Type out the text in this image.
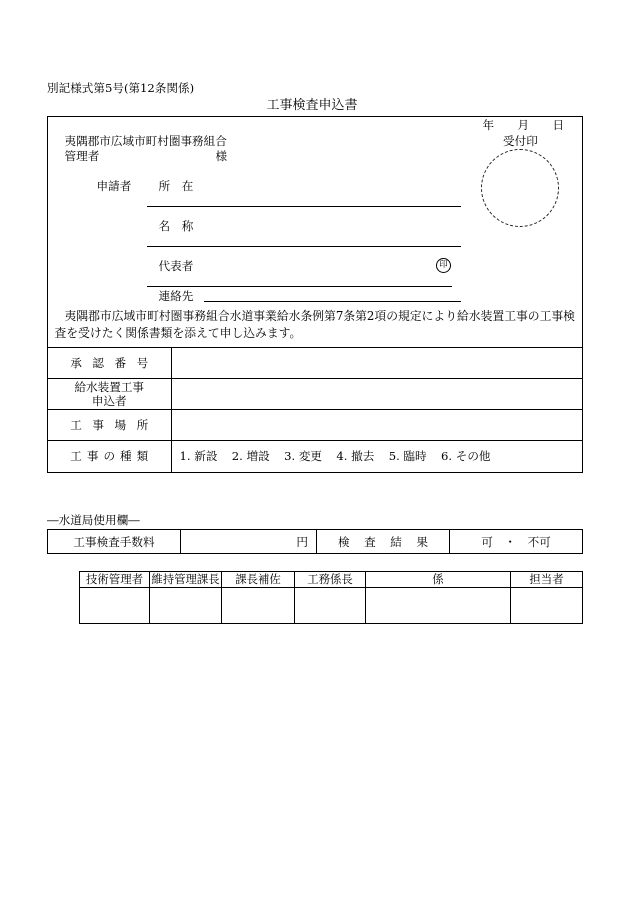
別記様式第5号(第12条関係)
工事検査申込書
年 月 日
受付印
夷隅郡市広域市町村圏事務組合
管理者	様
申請者 所　在
名　称
代表者	印
連絡先
夷隅郡市広域市町村圏事務組合水道事業給水条例第7条第2項の規定により給水装置工事の工事検
査を受けたく関係書類を添えて申し込みます。
承認番号
給水装置工事
申込者
工事場所
工事の種類	1. 新設	2. 増設	3. 変更	4. 撤去	5. 臨時	6. その他
―水道局使用欄―
工事検査手数料	円	検査結果	可　・　不可
技術管理者 維持管理課長	課長補佐	工務係長	係	担当者
